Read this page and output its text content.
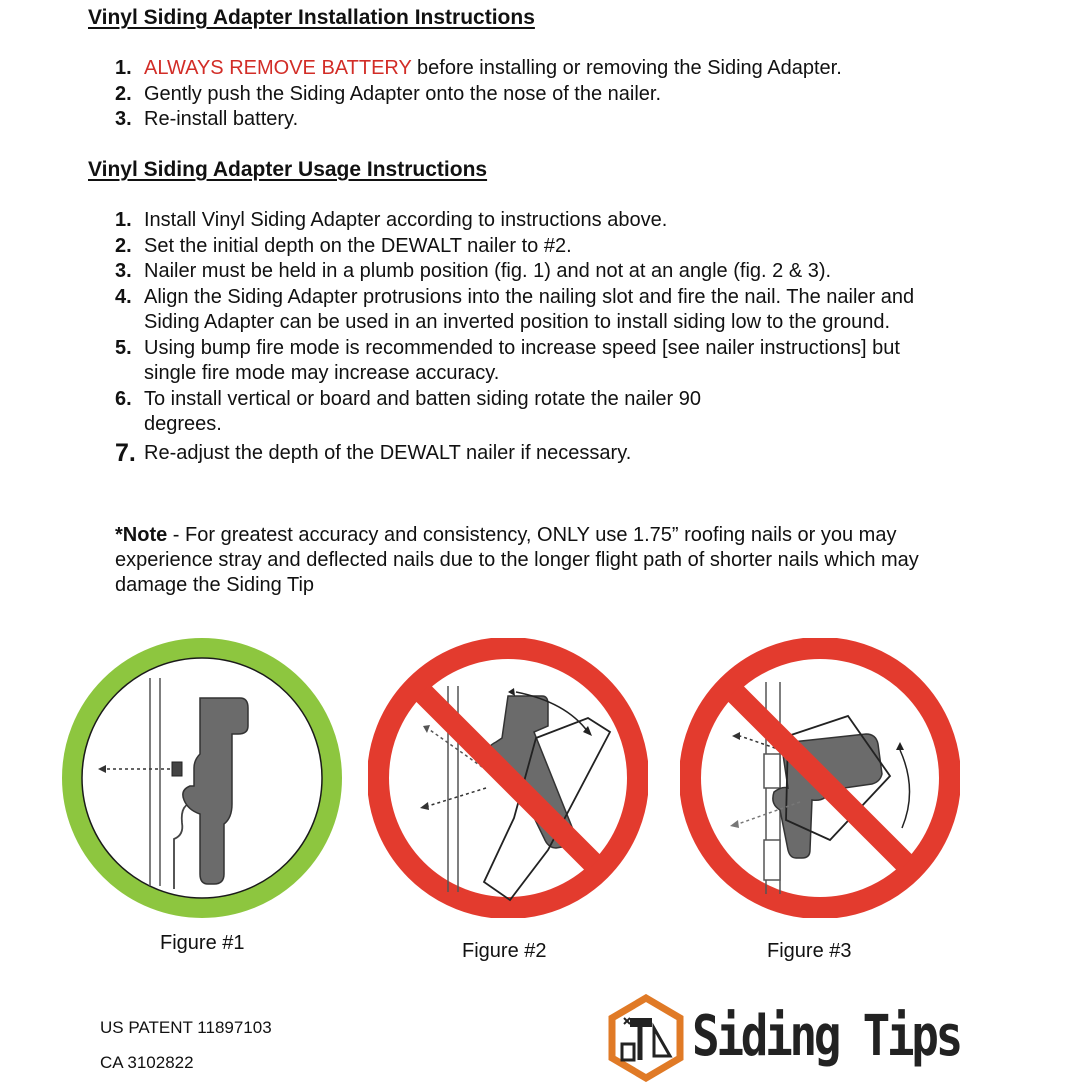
Vinyl Siding Adapter Installation Instructions
1. ALWAYS REMOVE BATTERY before installing or removing the Siding Adapter.
2. Gently push the Siding Adapter onto the nose of the nailer.
3. Re-install battery.
Vinyl Siding Adapter Usage Instructions
1. Install Vinyl Siding Adapter according to instructions above.
2. Set the initial depth on the DEWALT nailer to #2.
3. Nailer must be held in a plumb position (fig. 1) and not at an angle (fig. 2 & 3).
4. Align the Siding Adapter protrusions into the nailing slot and fire the nail. The nailer and Siding Adapter can be used in an inverted position to install siding low to the ground.
5. Using bump fire mode is recommended to increase speed [see nailer instructions] but single fire mode may increase accuracy.
6. To install vertical or board and batten siding rotate the nailer 90 degrees.
7. Re-adjust the depth of the DEWALT nailer if necessary.

*Note - For greatest accuracy and consistency, ONLY use 1.75” roofing nails or you may experience stray and deflected nails due to the longer flight path of shorter nails which may damage the Siding Tip

Figure #1	Figure #2	Figure #3

US PATENT 11897103

CA 3102822	Siding Tips
